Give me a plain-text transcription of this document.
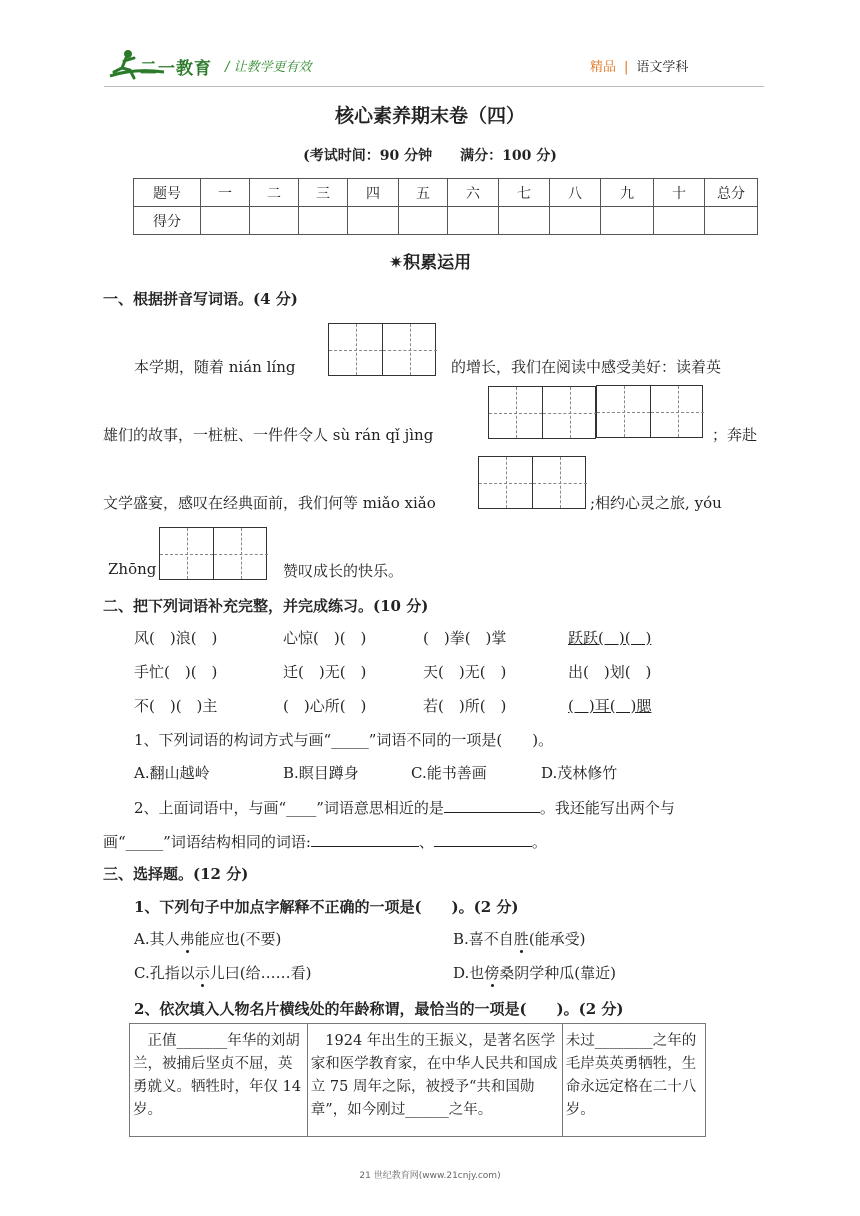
二一教育 / 让教学更有效	精品 | 语文学科
核心素养期末卷（四）
(考试时间：90 分钟　　满分：100 分)
题号	一	二	三	四	五	六	七	八	九	十	总分
得分											
✷积累运用
一、根据拼音写词语。(4 分)
本学期，随着 nián líng	的增长，我们在阅读中感受美好：读着英
雄们的故事，一桩桩、一件件令人 sù rán qǐ jìng	；奔赴
文学盛宴，感叹在经典面前，我们何等 miǎo xiǎo	;相约心灵之旅, yóu
Zhōng	赞叹成长的快乐。
二、把下列词语补充完整，并完成练习。(10 分)
风(　)浪(　)	心惊(　)(　)	(　)拳(　)掌	跃跃(　)(　)
手忙(　)(　)	迁(　)无(　)	天(　)无(　)	出(　)划(　)
不(　)(　)主	(　)心所(　)	若(　)所(　)	(　)耳(　)腮
1、下列词语的构词方式与画“_____”词语不同的一项是(　　)。
A.翻山越岭	B.瞑目蹲身	C.能书善画	D.茂林修竹
2、上面词语中，与画“____”词语意思相近的是	。我还能写出两个与
画“_____”词语结构相同的词语:	、	。
三、选择题。(12 分)
1、下列句子中加点字解释不正确的一项是(　　)。(2 分)
A.其人弗能应也(不要)	B.喜不自胜(能承受)
C.孔指以示儿曰(给……看)	D.也傍桑阴学种瓜(靠近)
2、依次填入人物名片横线处的年龄称谓，最恰当的一项是(　　)。(2 分)
　正值_______年华的刘胡兰，被捕后坚贞不屈，英勇就义。牺牲时，年仅 14 岁。	　1924 年出生的王振义，是著名医学家和医学教育家，在中华人民共和国成立 75 周年之际，被授予“共和国勋章”，如今刚过______之年。	未过________之年的毛岸英英勇牺牲，生命永远定格在二十八岁。
21 世纪教育网(www.21cnjy.com)
